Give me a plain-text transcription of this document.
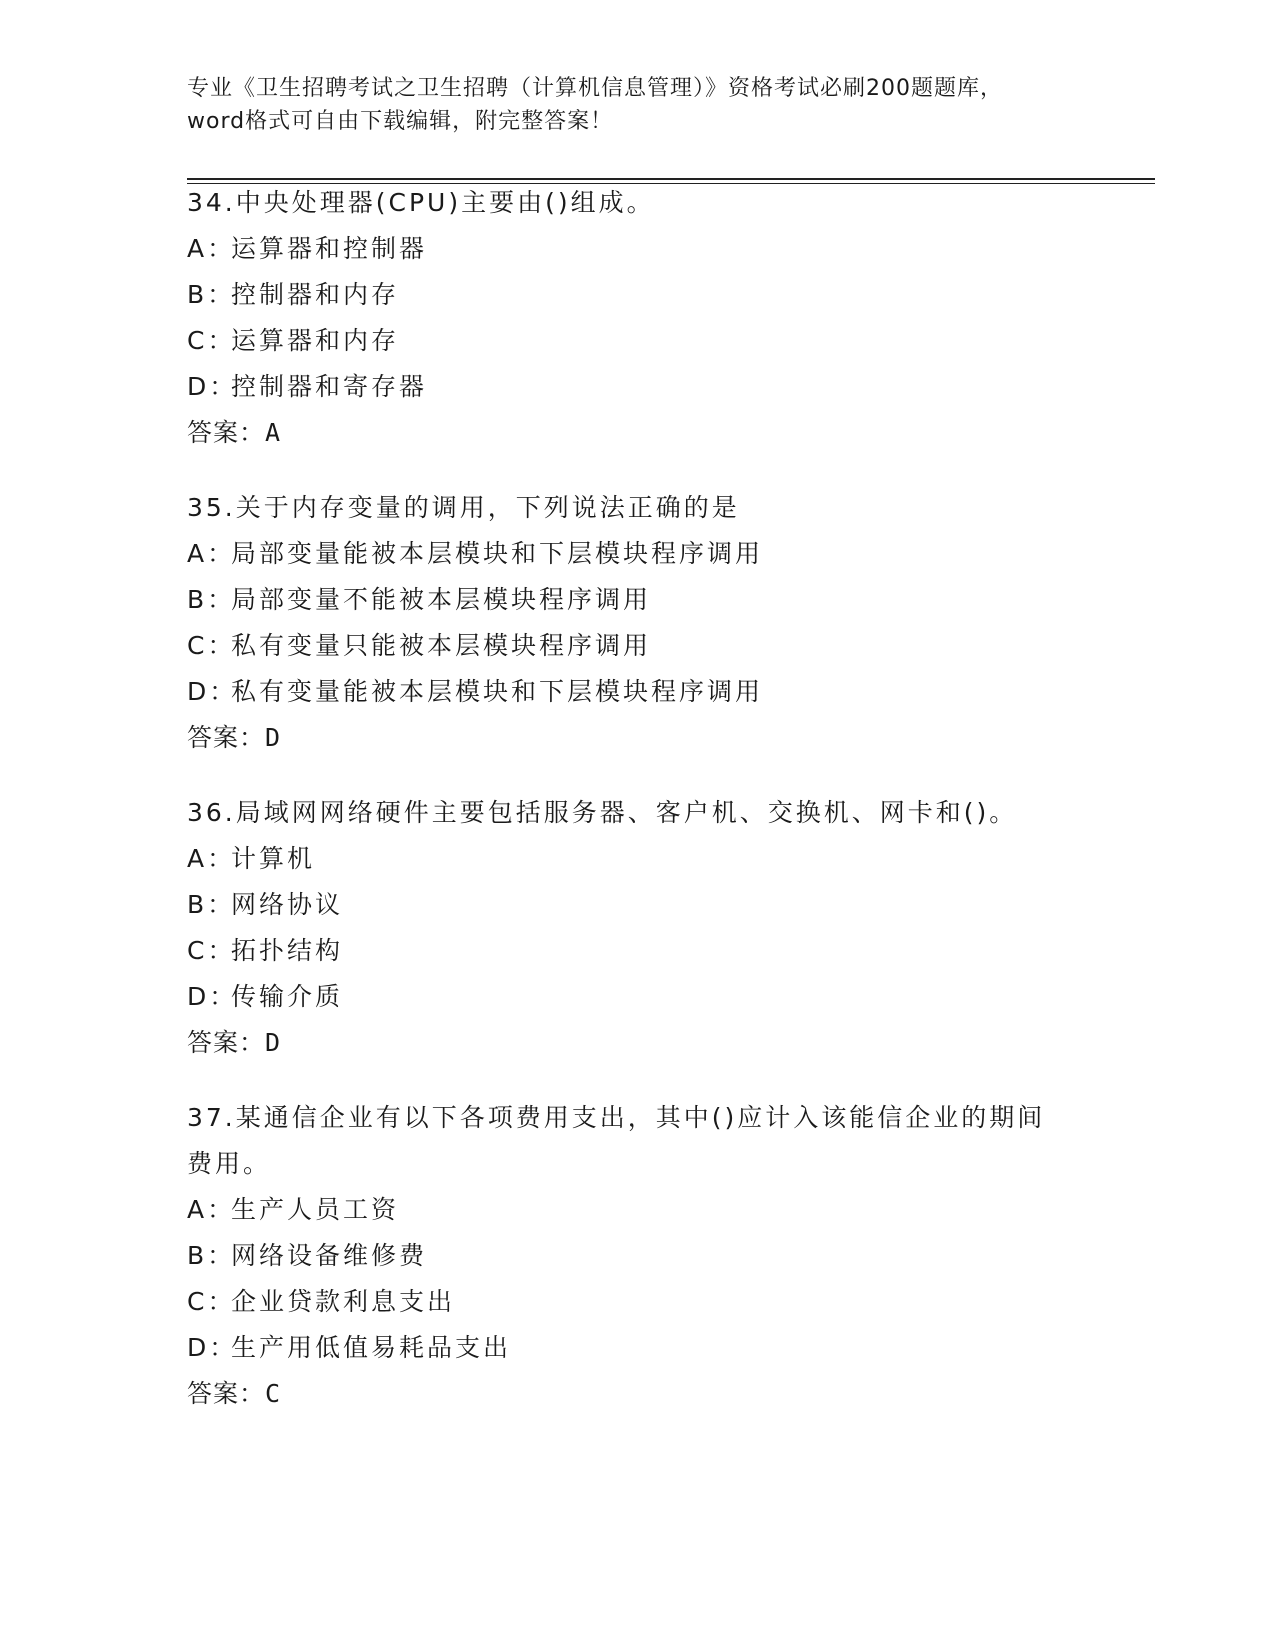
专业《卫生招聘考试之卫生招聘（计算机信息管理）》资格考试必刷200题题库，
word格式可自由下载编辑，附完整答案！

34.中央处理器(CPU)主要由()组成。

A：运算器和控制器

B：控制器和内存

C：运算器和内存

D：控制器和寄存器

答案：A

35.关于内存变量的调用，下列说法正确的是

A：局部变量能被本层模块和下层模块程序调用

B：局部变量不能被本层模块程序调用

C：私有变量只能被本层模块程序调用

D：私有变量能被本层模块和下层模块程序调用

答案：D

36.局域网网络硬件主要包括服务器、客户机、交换机、网卡和()。

A：计算机

B：网络协议

C：拓扑结构

D：传输介质

答案：D

37.某通信企业有以下各项费用支出，其中()应计入该能信企业的期间费用。

A：生产人员工资

B：网络设备维修费

C：企业贷款利息支出

D：生产用低值易耗品支出

答案：C
